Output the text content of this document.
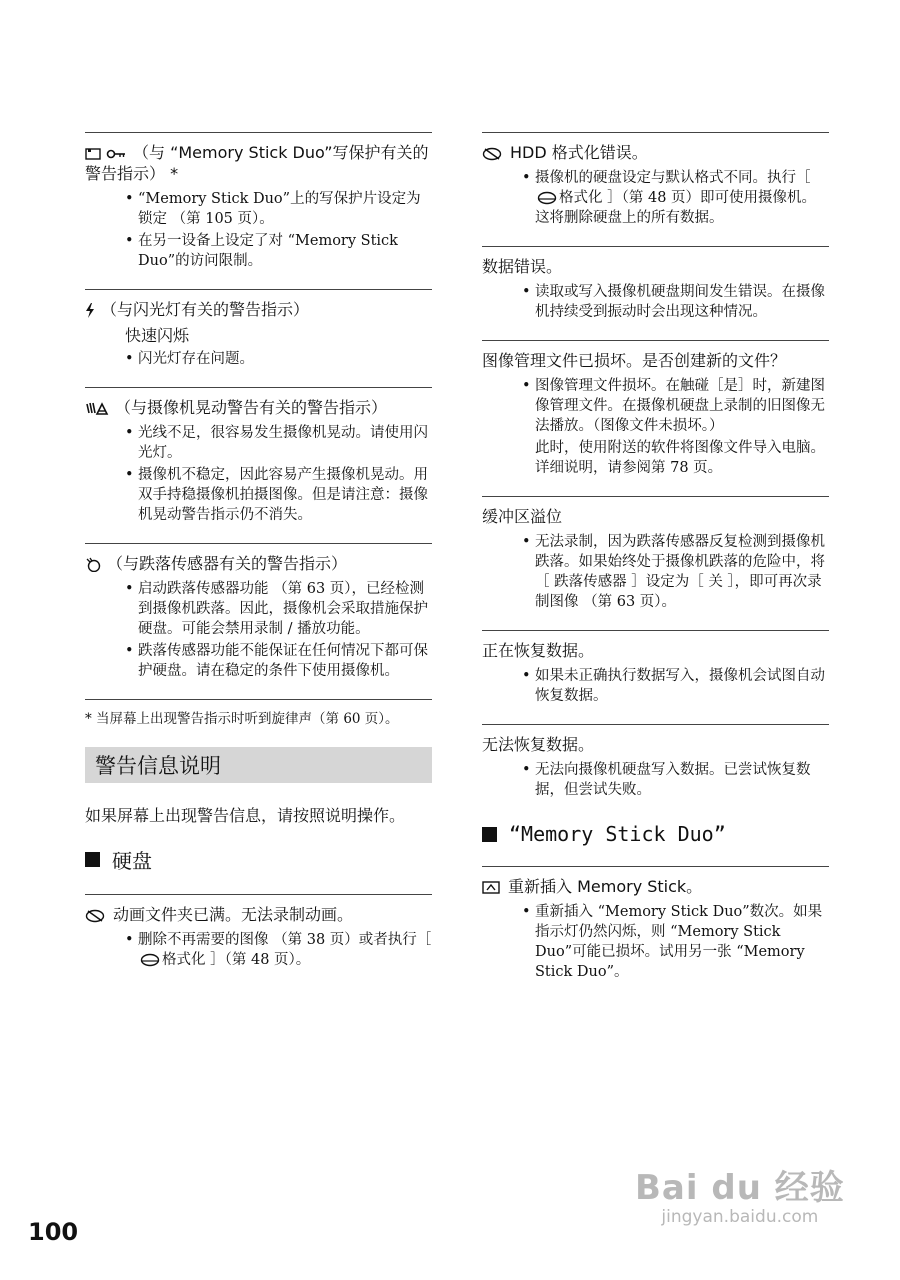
（与 “Memory Stick Duo”写保护有关的警告指示） *
• “Memory Stick Duo”上的写保护片设定为锁定 （第 105 页）。
• 在另一设备上设定了对 “Memory Stick Duo”的访问限制。
（与闪光灯有关的警告指示）
快速闪烁
• 闪光灯存在问题。
（与摄像机晃动警告有关的警告指示）
• 光线不足，很容易发生摄像机晃动。请使用闪光灯。
• 摄像机不稳定，因此容易产生摄像机晃动。用双手持稳摄像机拍摄图像。但是请注意：摄像机晃动警告指示仍不消失。
（与跌落传感器有关的警告指示）
• 启动跌落传感器功能 （第 63 页），已经检测到摄像机跌落。因此，摄像机会采取措施保护硬盘。可能会禁用录制 / 播放功能。
• 跌落传感器功能不能保证在任何情况下都可保护硬盘。请在稳定的条件下使用摄像机。
* 当屏幕上出现警告指示时听到旋律声（第 60 页）。
警告信息说明

如果屏幕上出现警告信息，请按照说明操作。

硬盘
动画文件夹已满。无法录制动画。
• 删除不再需要的图像 （第 38 页）或者执行［格式化 ］（第 48 页）。
HDD 格式化错误。
• 摄像机的硬盘设定与默认格式不同。执行［格式化 ］（第 48 页）即可使用摄像机。这将删除硬盘上的所有数据。
数据错误。
• 读取或写入摄像机硬盘期间发生错误。在摄像机持续受到振动时会出现这种情况。
图像管理文件已损坏。是否创建新的文件？
• 图像管理文件损坏。在触碰［是］时，新建图像管理文件。在摄像机硬盘上录制的旧图像无法播放。（图像文件未损坏。）
此时，使用附送的软件将图像文件导入电脑。详细说明，请参阅第 78 页。
缓冲区溢位
• 无法录制，因为跌落传感器反复检测到摄像机跌落。如果始终处于摄像机跌落的危险中，将［ 跌落传感器 ］设定为［ 关 ］，即可再次录制图像 （第 63 页）。
正在恢复数据。
• 如果未正确执行数据写入，摄像机会试图自动恢复数据。
无法恢复数据。
• 无法向摄像机硬盘写入数据。已尝试恢复数据，但尝试失败。
“Memory Stick Duo”
重新插入 Memory Stick。
• 重新插入 “Memory Stick Duo”数次。如果指示灯仍然闪烁，则 “Memory Stick Duo”可能已损坏。试用另一张 “Memory Stick Duo”。
100
Bai du 经验
jingyan.baidu.com
